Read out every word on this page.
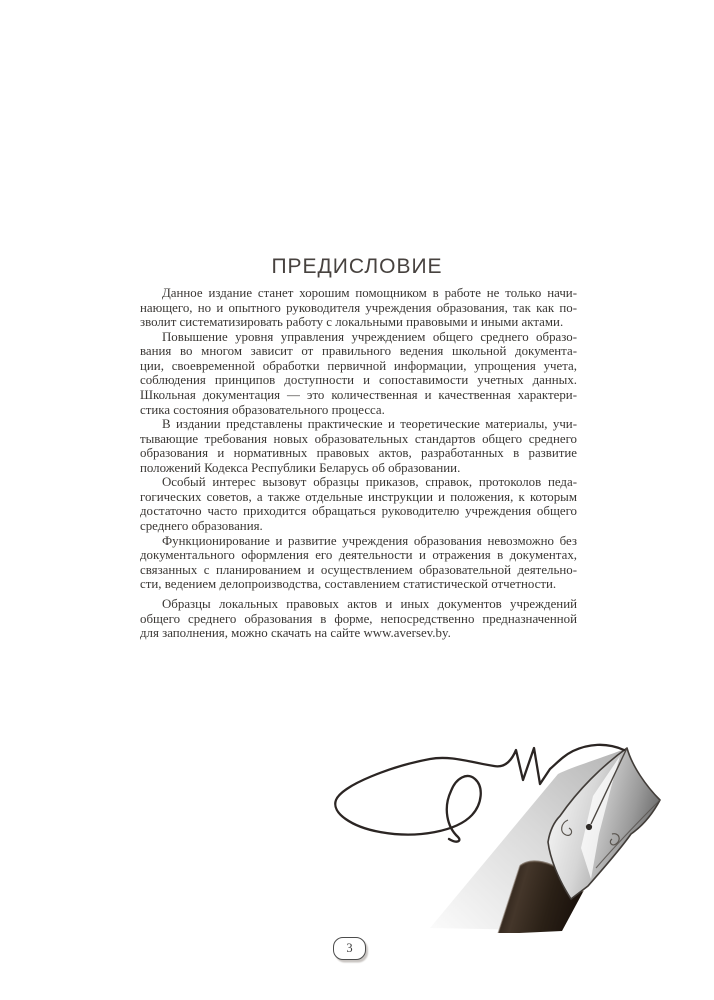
ПРЕДИСЛОВИЕ
Данное издание станет хорошим помощником в работе не только начи-
нающего, но и опытного руководителя учреждения образования, так как по-
зволит систематизировать работу с локальными правовыми и иными актами.
Повышение уровня управления учреждением общего среднего образо-
вания во многом зависит от правильного ведения школьной документа-
ции, своевременной обработки первичной информации, упрощения учета,
соблюдения принципов доступности и сопоставимости учетных данных.
Школьная документация — это количественная и качественная характери-
стика состояния образовательного процесса.
В издании представлены практические и теоретические материалы, учи-
тывающие требования новых образовательных стандартов общего среднего
образования и нормативных правовых актов, разработанных в развитие
положений Кодекса Республики Беларусь об образовании.
Особый интерес вызовут образцы приказов, справок, протоколов педа-
гогических советов, а также отдельные инструкции и положения, к которым
достаточно часто приходится обращаться руководителю учреждения общего
среднего образования.
Функционирование и развитие учреждения образования невозможно без
документального оформления его деятельности и отражения в документах,
связанных с планированием и осуществлением образовательной деятельно-
сти, ведением делопроизводства, составлением статистической отчетности.
Образцы локальных правовых актов и иных документов учреждений
общего среднего образования в форме, непосредственно предназначенной
для заполнения, можно скачать на сайте www.aversev.by.
3
